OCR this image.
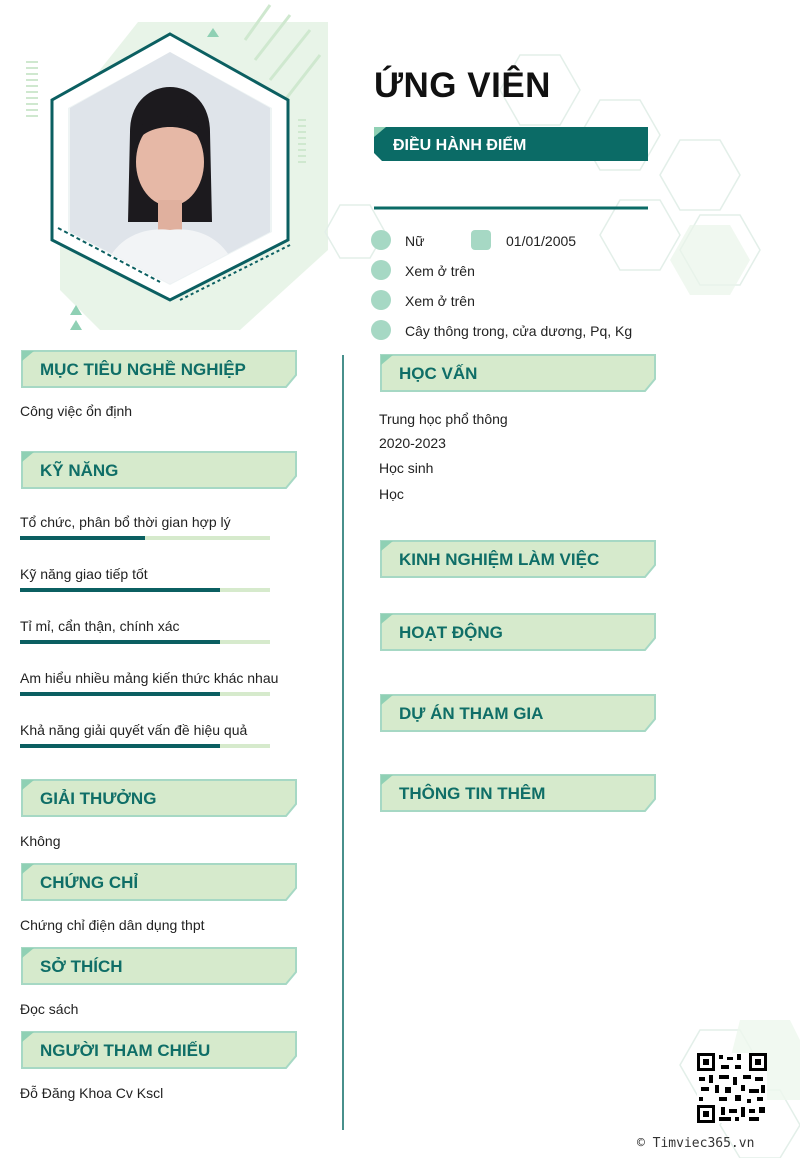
ỨNG VIÊN
ĐIỀU HÀNH ĐIỂM
Nữ	01/01/2005
Xem ở trên
Xem ở trên
Cây thông trong, cửa dương, Pq, Kg
MỤC TIÊU NGHỀ NGHIỆP
Công việc ổn định
KỸ NĂNG
Tổ chức, phân bổ thời gian hợp lý
Kỹ năng giao tiếp tốt
Tỉ mỉ, cẩn thận, chính xác
Am hiểu nhiều mảng kiến thức khác nhau
Khả năng giải quyết vấn đề hiệu quả
GIẢI THƯỞNG
Không
CHỨNG CHỈ
Chứng chỉ điện dân dụng thpt
SỞ THÍCH
Đọc sách
NGƯỜI THAM CHIẾU
Đỗ Đăng Khoa Cv Kscl
HỌC VẤN
Trung học phổ thông
2020-2023
Học sinh
Học
KINH NGHIỆM LÀM VIỆC
HOẠT ĐỘNG
DỰ ÁN THAM GIA
THÔNG TIN THÊM
© Timviec365.vn
